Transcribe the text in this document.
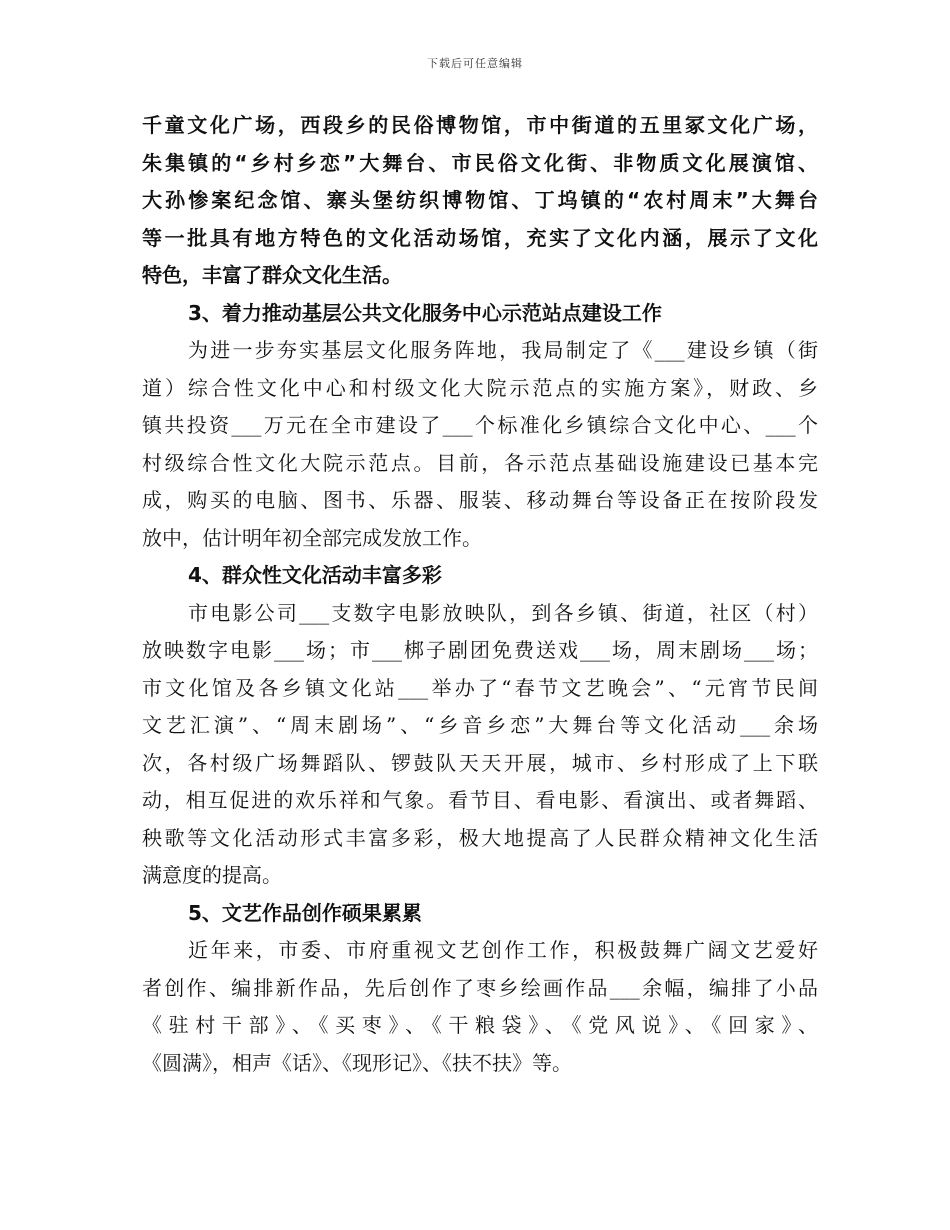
下载后可任意编辑
千童文化广场，西段乡的民俗博物馆，市中街道的五里冢文化广场，
朱集镇的“乡村乡恋”大舞台、市民俗文化街、非物质文化展演馆、
大孙惨案纪念馆、寨头堡纺织博物馆、丁坞镇的“农村周末”大舞台
等一批具有地方特色的文化活动场馆，充实了文化内涵，展示了文化
特色，丰富了群众文化生活。
3、着力推动基层公共文化服务中心示范站点建设工作
为进一步夯实基层文化服务阵地，我局制定了《___建设乡镇（街
道）综合性文化中心和村级文化大院示范点的实施方案》，财政、乡
镇共投资___万元在全市建设了___个标准化乡镇综合文化中心、___个
村级综合性文化大院示范点。目前，各示范点基础设施建设已基本完
成，购买的电脑、图书、乐器、服装、移动舞台等设备正在按阶段发
放中，估计明年初全部完成发放工作。
4、群众性文化活动丰富多彩
市电影公司___支数字电影放映队，到各乡镇、街道，社区（村）
放映数字电影___场；市___梆子剧团免费送戏___场，周末剧场___场；
市文化馆及各乡镇文化站___举办了“春节文艺晚会”、“元宵节民间
文艺汇演”、“周末剧场”、“乡音乡恋”大舞台等文化活动___余场
次，各村级广场舞蹈队、锣鼓队天天开展，城市、乡村形成了上下联
动，相互促进的欢乐祥和气象。看节目、看电影、看演出、或者舞蹈、
秧歌等文化活动形式丰富多彩，极大地提高了人民群众精神文化生活
满意度的提高。
5、文艺作品创作硕果累累
近年来，市委、市府重视文艺创作工作，积极鼓舞广阔文艺爱好
者创作、编排新作品，先后创作了枣乡绘画作品___余幅，编排了小品
《驻村干部》、《买枣》、《干粮袋》、《党风说》、《回家》、
《圆满》，相声《话》、《现形记》、《扶不扶》等。
